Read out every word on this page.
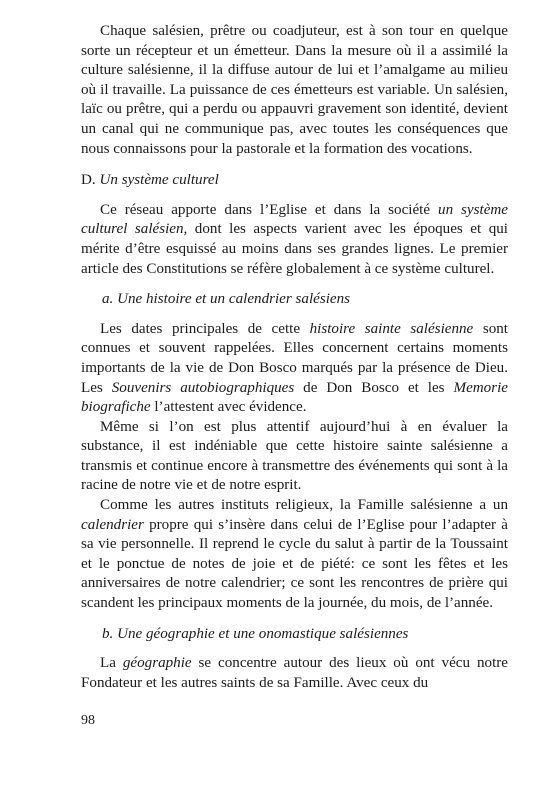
Chaque salésien, prêtre ou coadjuteur, est à son tour en quelque sorte un récepteur et un émetteur. Dans la mesure où il a assimilé la culture salésienne, il la diffuse autour de lui et l’amalgame au milieu où il travaille. La puissance de ces émetteurs est variable. Un salésien, laïc ou prêtre, qui a perdu ou appauvri gravement son identité, devient un canal qui ne communique pas, avec toutes les conséquences que nous connaissons pour la pastorale et la formation des vocations.

D. Un système culturel

Ce réseau apporte dans l’Eglise et dans la société un système culturel salésien, dont les aspects varient avec les époques et qui mérite d’être esquissé au moins dans ses grandes lignes. Le premier article des Constitutions se réfère globalement à ce système culturel.

a. Une histoire et un calendrier salésiens

Les dates principales de cette histoire sainte salésienne sont connues et souvent rappelées. Elles concernent certains moments importants de la vie de Don Bosco marqués par la présence de Dieu. Les Souvenirs autobiographiques de Don Bosco et les Memorie biografiche l’attestent avec évidence.

Même si l’on est plus attentif aujourd’hui à en évaluer la substance, il est indéniable que cette histoire sainte salésienne a transmis et continue encore à transmettre des événements qui sont à la racine de notre vie et de notre esprit.

Comme les autres instituts religieux, la Famille salésienne a un calendrier propre qui s’insère dans celui de l’Eglise pour l’adapter à sa vie personnelle. Il reprend le cycle du salut à partir de la Toussaint et le ponctue de notes de joie et de piété: ce sont les fêtes et les anniversaires de notre calendrier; ce sont les rencontres de prière qui scandent les principaux moments de la journée, du mois, de l’année.

b. Une géographie et une onomastique salésiennes

La géographie se concentre autour des lieux où ont vécu notre Fondateur et les autres saints de sa Famille. Avec ceux du

98
